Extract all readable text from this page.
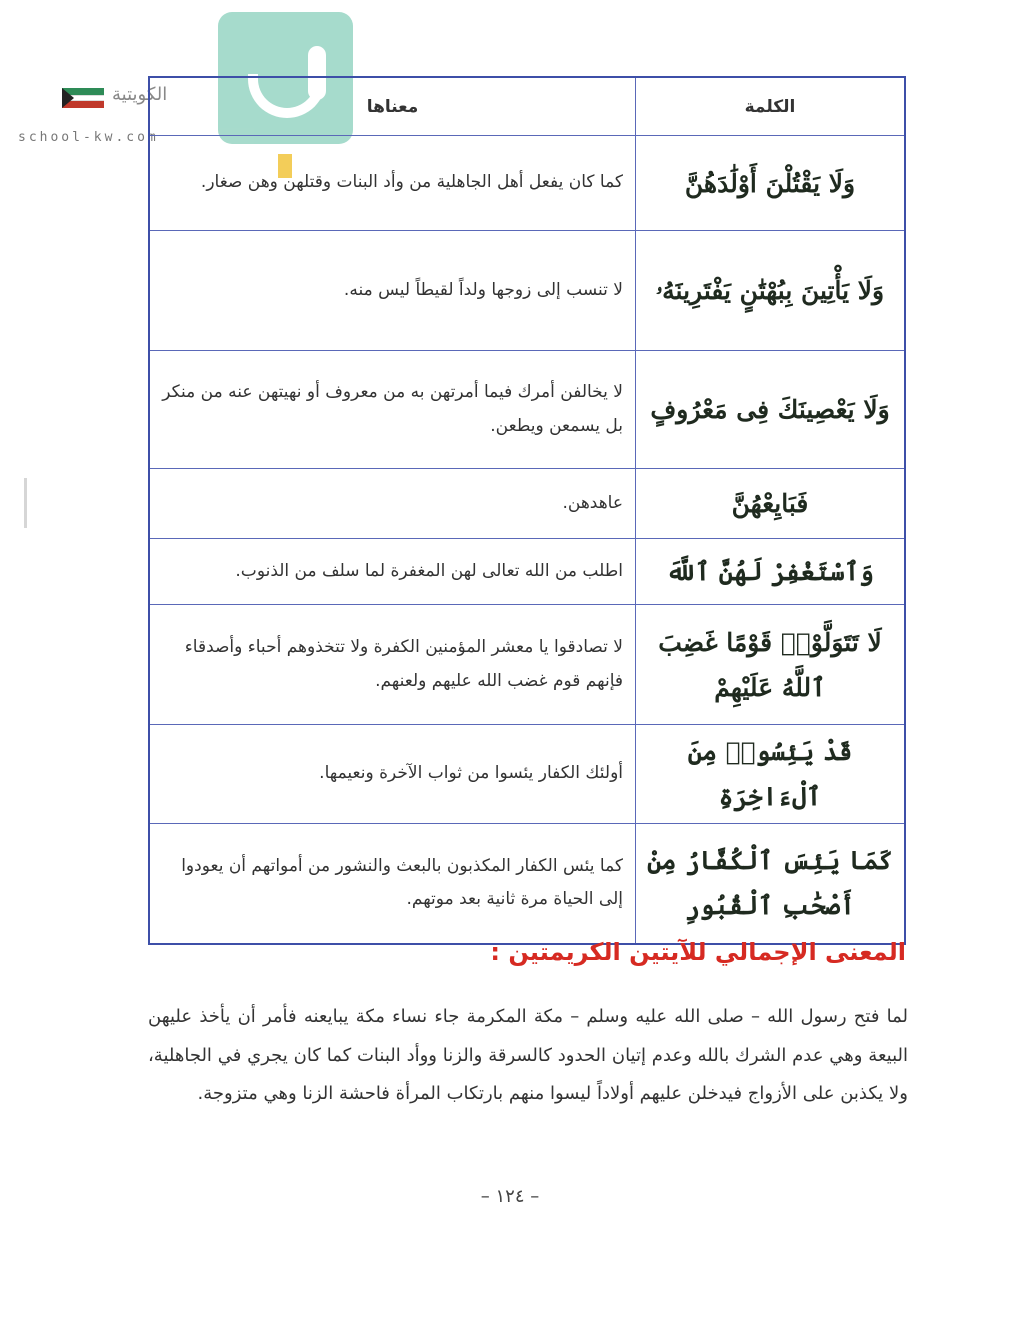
الكويتية
school-kw.com
الكلمة	معناها
وَلَا يَقْتُلْنَ أَوْلَٰدَهُنَّ	كما كان يفعل أهل الجاهلية من وأد البنات وقتلهن وهن صغار.
وَلَا يَأْتِينَ بِبُهْتَٰنٍ يَفْتَرِينَهُۥ	لا تنسب إلى زوجها ولداً لقيطاً ليس منه.
وَلَا يَعْصِينَكَ فِى مَعْرُوفٍ	لا يخالفن أمرك فيما أمرتهن به من معروف أو نهيتهن عنه من منكر بل يسمعن ويطعن.
فَبَايِعْهُنَّ	عاهدهن.
وَٱسْتَغْفِرْ لَهُنَّ ٱللَّهَ	اطلب من الله تعالى لهن المغفرة لما سلف من الذنوب.
لَا تَتَوَلَّوْا۟ قَوْمًا غَضِبَ ٱللَّهُ عَلَيْهِمْ	لا تصادقوا يا معشر المؤمنين الكفرة ولا تتخذوهم أحباء وأصدقاء فإنهم قوم غضب الله عليهم ولعنهم.
قَدْ يَئِسُوا۟ مِنَ ٱلْءَاخِرَةِ	أولئك الكفار يئسوا من ثواب الآخرة ونعيمها.
كَمَا يَئِسَ ٱلْكُفَّارُ مِنْ أَصْحَٰبِ ٱلْقُبُورِ	كما يئس الكفار المكذبون بالبعث والنشور من أمواتهم أن يعودوا إلى الحياة مرة ثانية بعد موتهم.
المعنى الإجمالي للآيتين الكريمتين :
لما فتح رسول الله – صلى الله عليه وسلم – مكة المكرمة جاء نساء مكة يبايعنه فأمر أن يأخذ عليهن البيعة وهي عدم الشرك بالله وعدم إتيان الحدود كالسرقة والزنا ووأد البنات كما كان يجري في الجاهلية، ولا يكذبن على الأزواج فيدخلن عليهم أولاداً ليسوا منهم بارتكاب المرأة فاحشة الزنا وهي متزوجة.
– ١٢٤ –
